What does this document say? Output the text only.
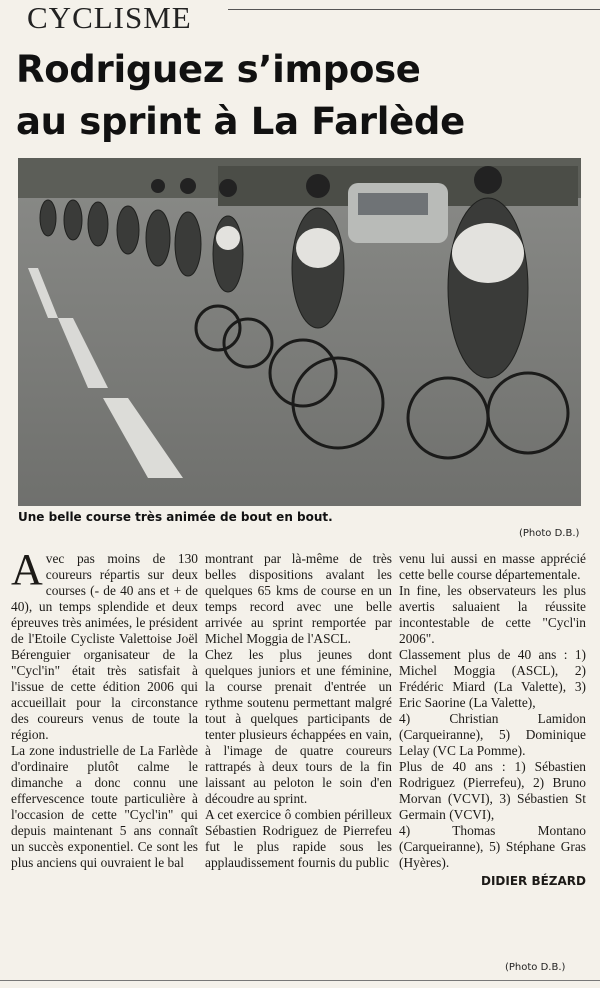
CYCLISME
Rodriguez s’impose
au sprint à La Farlède
Une belle course très animée de bout en bout.
(Photo D.B.)

Avec pas moins de 130 coureurs répartis sur deux courses (- de 40 ans et + de 40), un temps splendide et deux épreuves très animées, le président de l'Etoile Cycliste Valettoise Joël Bérenguier organisateur de la "Cycl'in" était très satisfait à l'issue de cette édition 2006 qui accueillait pour la circonstance des coureurs venus de toute la région.

La zone industrielle de La Farlède d'ordinaire plutôt calme le dimanche a donc connu une effervescence toute particulière à l'occasion de cette "Cycl'in" qui depuis maintenant 5 ans connaît un succès exponentiel. Ce sont les plus anciens qui ouvraient le bal

montrant par là-même de très belles dispositions avalant les quelques 65 kms de course en un temps record avec une belle arrivée au sprint remportée par Michel Moggia de l'ASCL.

Chez les plus jeunes dont quelques juniors et une féminine, la course prenait d'entrée un rythme soutenu permettant malgré tout à quelques participants de tenter plusieurs échappées en vain, à l'image de quatre coureurs rattrapés à deux tours de la fin laissant au peloton le soin d'en découdre au sprint.

A cet exercice ô combien périlleux Sébastien Rodriguez de Pierrefeu fut le plus rapide sous les applaudissement fournis du public

venu lui aussi en masse apprécié cette belle course départementale.

In fine, les observateurs les plus avertis saluaient la réussite incontestable de cette "Cycl'in 2006".

Classement plus de 40 ans : 1) Michel Moggia (ASCL), 2) Frédéric Miard (La Valette), 3) Eric Saorine (La Valette),

4) Christian Lamidon (Carqueiranne), 5) Dominique Lelay (VC La Pomme).

Plus de 40 ans : 1) Sébastien Rodriguez (Pierrefeu), 2) Bruno Morvan (VCVI), 3) Sébastien St Germain (VCVI),

4) Thomas Montano (Carqueiranne), 5) Stéphane Gras (Hyères).

DIDIER BÉZARD
(Photo D.B.)
